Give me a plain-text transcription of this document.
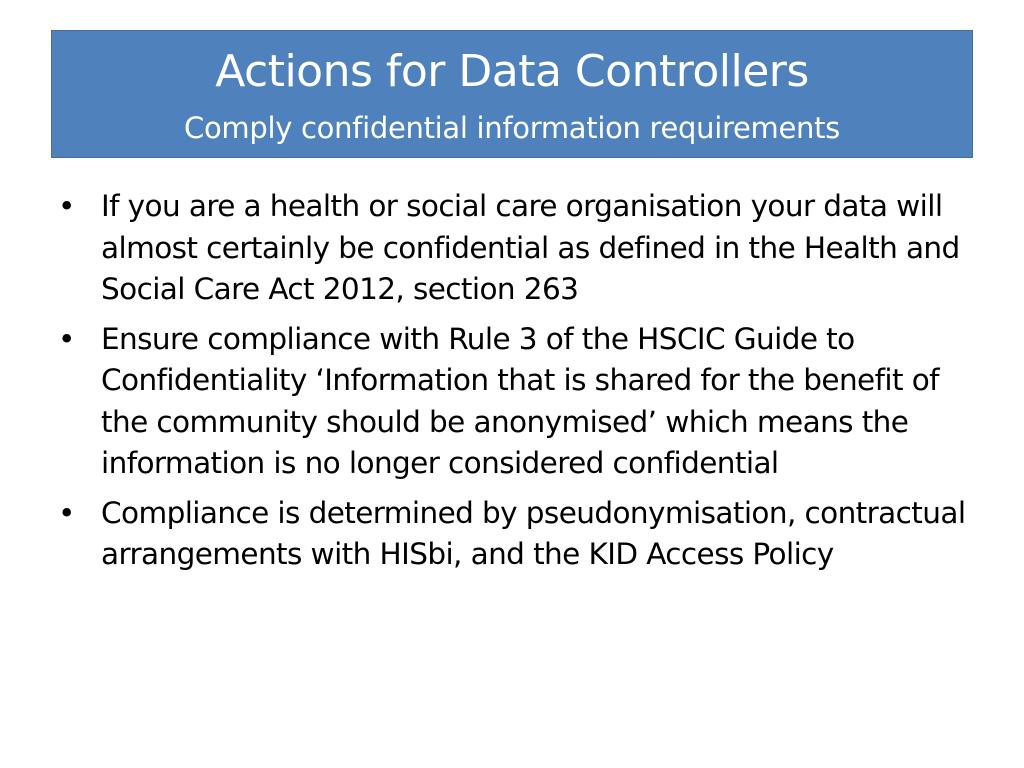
Actions for Data Controllers

Comply confidential information requirements

• If you are a health or social care organisation your data will almost certainly be confidential as defined in the Health and Social Care Act 2012, section 263
• Ensure compliance with Rule 3 of the HSCIC Guide to Confidentiality ‘Information that is shared for the benefit of the community should be anonymised’ which means the information is no longer considered confidential
• Compliance is determined by pseudonymisation, contractual arrangements with HISbi, and the KID Access Policy
